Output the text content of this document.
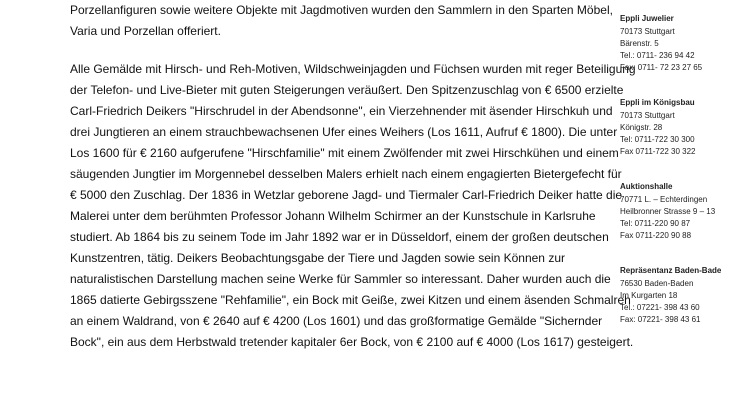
Porzellanfiguren sowie weitere Objekte mit Jagdmotiven wurden den Sammlern in den Sparten Möbel,
Varia und Porzellan offeriert.

Alle Gemälde mit Hirsch- und Reh-Motiven, Wildschweinjagden und Füchsen wurden mit reger Beteiligung
der Telefon- und Live-Bieter mit guten Steigerungen veräußert. Den Spitzenzuschlag von € 6500 erzielte
Carl-Friedrich Deikers "Hirschrudel in der Abendsonne", ein Vierzehnender mit äsender Hirschkuh und
drei Jungtieren an einem strauchbewachsenen Ufer eines Weihers (Los 1611, Aufruf € 1800). Die unter
Los 1600 für € 2160 aufgerufene "Hirschfamilie" mit einem Zwölfender mit zwei Hirschkühen und einem
säugenden Jungtier im Morgennebel desselben Malers erhielt nach einem engagierten Bietergefecht für
€ 5000 den Zuschlag. Der 1836 in Wetzlar geborene Jagd- und Tiermaler Carl-Friedrich Deiker hatte die
Malerei unter dem berühmten Professor Johann Wilhelm Schirmer an der Kunstschule in Karlsruhe
studiert. Ab 1864 bis zu seinem Tode im Jahr 1892 war er in Düsseldorf, einem der großen deutschen
Kunstzentren, tätig. Deikers Beobachtungsgabe der Tiere und Jagden sowie sein Können zur
naturalistischen Darstellung machen seine Werke für Sammler so interessant. Daher wurden auch die
1865 datierte Gebirgsszene "Rehfamilie", ein Bock mit Geiße, zwei Kitzen und einem äsenden Schmalreh
an einem Waldrand, von € 2640 auf € 4200 (Los 1601) und das großformatige Gemälde "Sichernder
Bock", ein aus dem Herbstwald tretender kapitaler 6er Bock, von € 2100 auf € 4000 (Los 1617) gesteigert.

Eppli Juwelier
70173 Stuttgart
Bärenstr. 5
Tel.: 0711- 236 94 42
Fax: 0711- 72 23 27 65
Eppli im Königsbau
70173 Stuttgart
Königstr. 28
Tel: 0711-722 30 300
Fax 0711-722 30 322
Auktionshalle
70771 L. – Echterdingen
Heilbronner Strasse 9 – 13
Tel: 0711-220 90 87
Fax 0711-220 90 88
Repräsentanz Baden-Bade
76530 Baden-Baden
Im Kurgarten 18
Tel.: 07221- 398 43 60
Fax: 07221- 398 43 61
